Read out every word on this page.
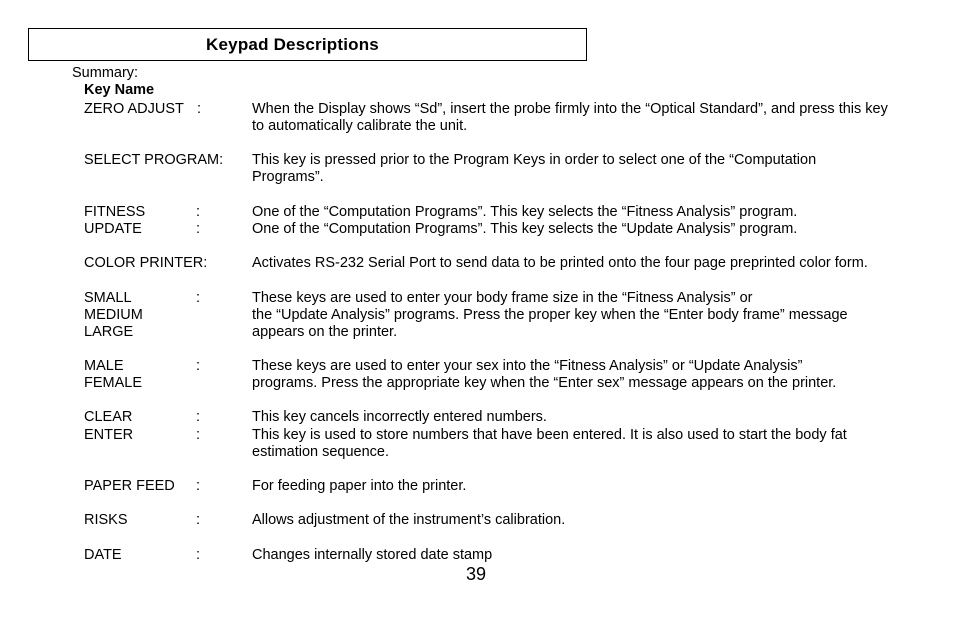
Keypad Descriptions
Summary:
Key Name
ZERO ADJUST :	When the Display shows “Sd”, insert the probe firmly into the “Optical Standard”, and press this key
to automatically calibrate the unit.
SELECT PROGRAM: This key is pressed prior to the Program Keys in order to select one of the “Computation
Programs”.
FITNESS	:	One of the “Computation Programs”. This key selects the “Fitness Analysis” program.
UPDATE	:	One of the “Computation Programs”. This key selects the “Update Analysis” program.
COLOR PRINTER:	Activates RS-232 Serial Port to send data to be printed onto the four page preprinted color form.
SMALL
MEDIUM
LARGE
:	These keys are used to enter your body frame size in the “Fitness Analysis” or
the “Update Analysis” programs. Press the proper key when the “Enter body frame” message
appears on the printer.
MALE
FEMALE
:	These keys are used to enter your sex into the “Fitness Analysis” or “Update Analysis”
programs. Press the appropriate key when the “Enter sex” message appears on the printer.
CLEAR	:	This key cancels incorrectly entered numbers.
ENTER	:	This key is used to store numbers that have been entered. It is also used to start the body fat
estimation sequence.
PAPER FEED :	For feeding paper into the printer.
RISKS	:	Allows adjustment of the instrument’s calibration.
DATE	:	Changes internally stored date stamp
39
